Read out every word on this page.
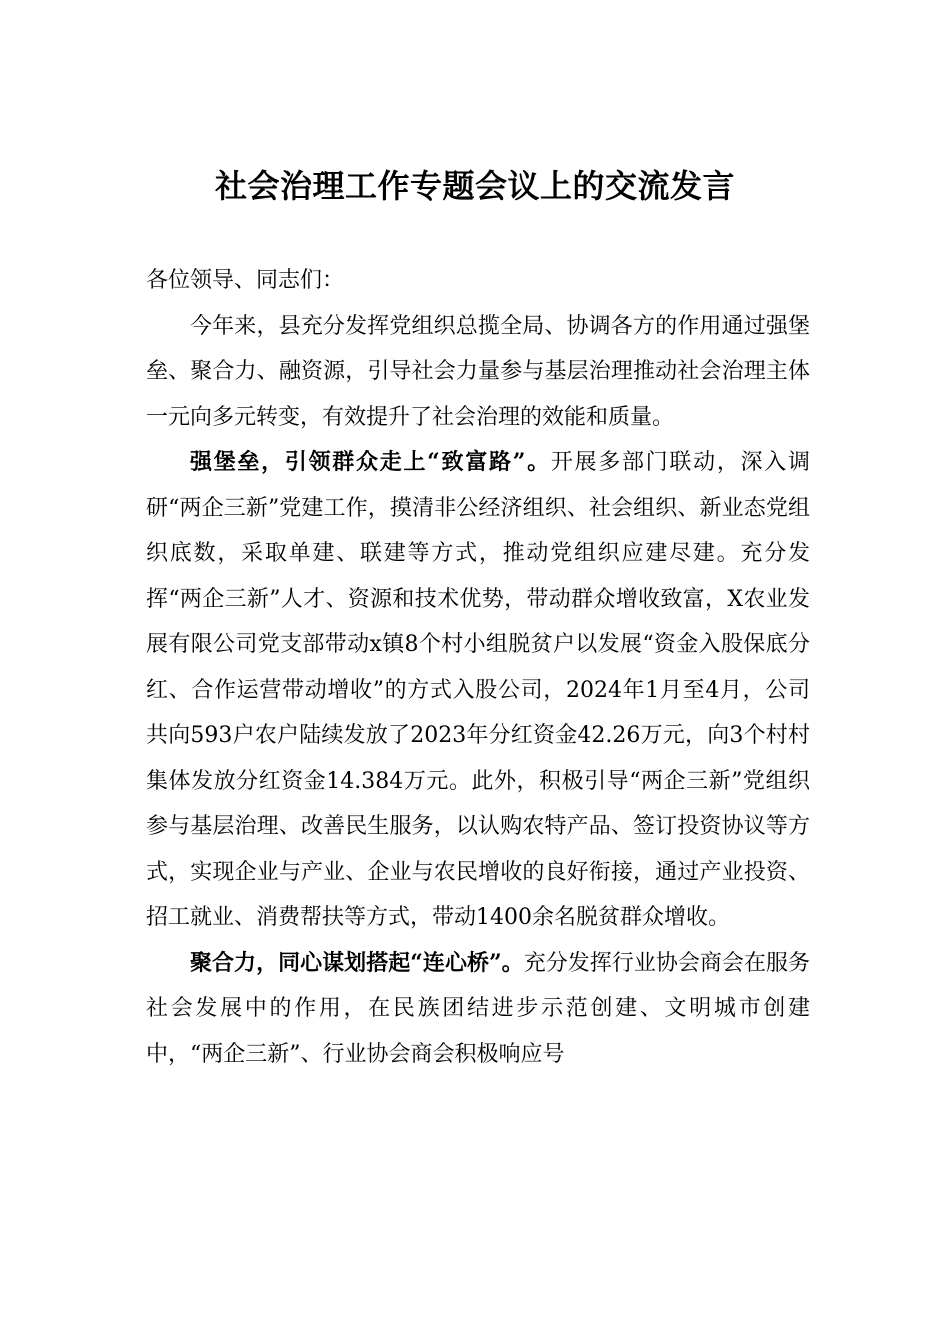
社会治理工作专题会议上的交流发言

各位领导、同志们：

今年来，县充分发挥党组织总揽全局、协调各方的作用通过强堡垒、聚合力、融资源，引导社会力量参与基层治理推动社会治理主体一元向多元转变，有效提升了社会治理的效能和质量。

强堡垒，引领群众走上“致富路”。开展多部门联动，深入调研“两企三新”党建工作，摸清非公经济组织、社会组织、新业态党组织底数，采取单建、联建等方式，推动党组织应建尽建。充分发挥“两企三新”人才、资源和技术优势，带动群众增收致富，X农业发展有限公司党支部带动x镇8个村小组脱贫户以发展“资金入股保底分红、合作运营带动增收”的方式入股公司，2024年1月至4月，公司共向593户农户陆续发放了2023年分红资金42.26万元，向3个村村集体发放分红资金14.384万元。此外，积极引导“两企三新”党组织参与基层治理、改善民生服务，以认购农特产品、签订投资协议等方式，实现企业与产业、企业与农民增收的良好衔接，通过产业投资、招工就业、消费帮扶等方式，带动1400余名脱贫群众增收。

聚合力，同心谋划搭起“连心桥”。充分发挥行业协会商会在服务社会发展中的作用，在民族团结进步示范创建、文明城市创建中，“两企三新”、行业协会商会积极响应号
